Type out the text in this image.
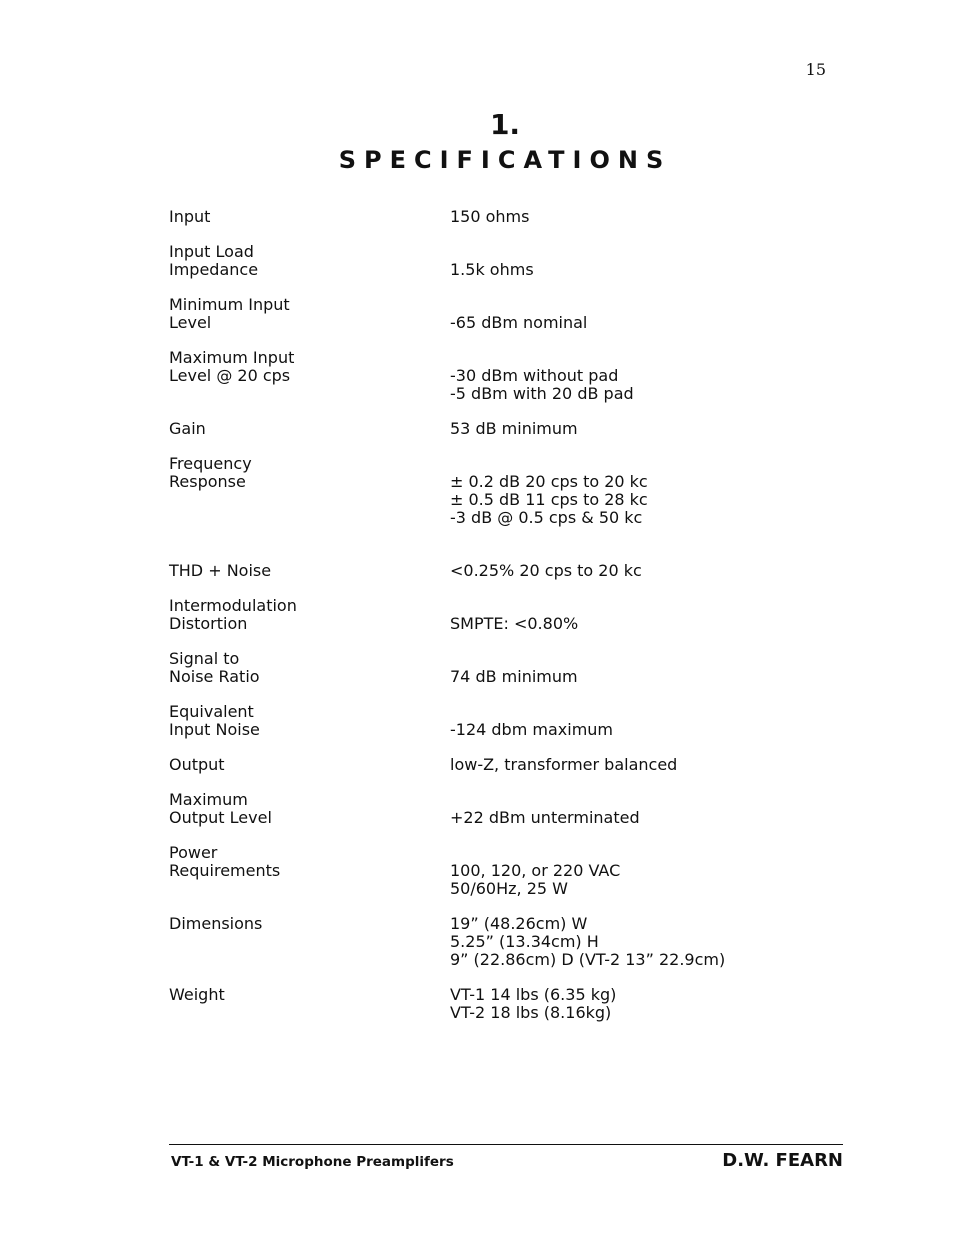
15
1.
SPECIFICATIONS
Input	150 ohms
Input Load
Impedance	1.5k ohms
Minimum Input
Level	-65 dBm nominal
Maximum Input
Level @ 20 cps	-30 dBm without pad
-5 dBm with 20 dB pad
Gain	53 dB minimum
Frequency
Response	± 0.2 dB 20 cps to 20 kc
± 0.5 dB 11 cps to 28 kc
-3 dB @ 0.5 cps & 50 kc
THD + Noise	<0.25% 20 cps to 20 kc
Intermodulation
Distortion	SMPTE: <0.80%
Signal to
Noise Ratio	74 dB minimum
Equivalent
Input Noise	-124 dbm maximum
Output	low-Z, transformer balanced
Maximum
Output Level	+22 dBm unterminated
Power
Requirements	100, 120, or 220 VAC
50/60Hz, 25 W
Dimensions	19” (48.26cm) W
5.25” (13.34cm) H
9” (22.86cm) D (VT-2 13” 22.9cm)
Weight	VT-1 14 lbs (6.35 kg)
VT-2 18 lbs (8.16kg)
VT-1 & VT-2 Microphone Preamplifers	D.W. FEARN
